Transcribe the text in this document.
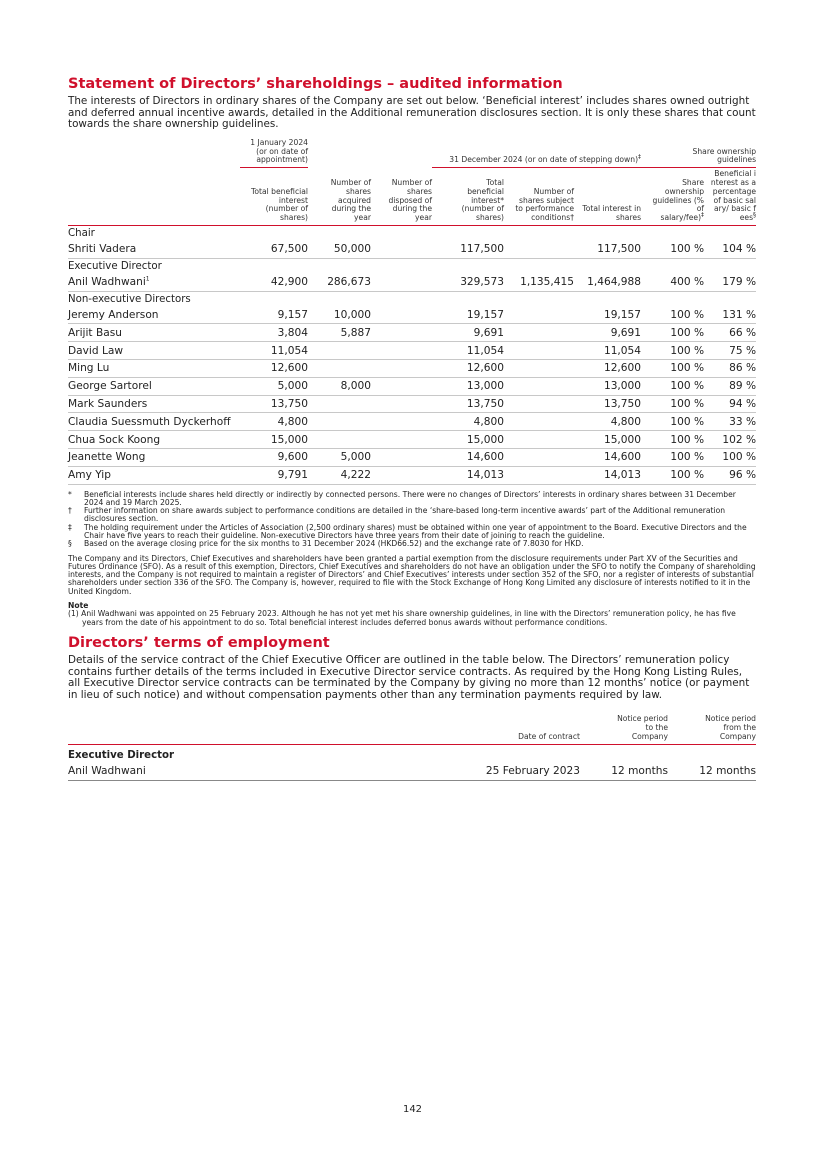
Statement of Directors’ shareholdings – audited information

The interests of Directors in ordinary shares of the Company are set out below. ‘Beneficial interest’ includes shares owned outright and deferred annual incentive awards, detailed in the Additional remuneration disclosures section. It is only these shares that count towards the share ownership guidelines.

	1 January 2024 (or on date of appointment)			31 December 2024 (or on date of stepping down)‡			Share ownership guidelines	

	Total beneficial interest (number of shares)	Number of shares acquired during the year	Number of shares disposed of during the year	Total beneficial interest* (number of shares)	Number of shares subject to performance conditions†	Total interest in shares	Share ownership guidelines (% of salary/fee)‡	Beneficial interest as a percentage of basic salary/ basic fees§

Chair								
Shriti Vadera	67,500	50,000		117,500		117,500	100 %	104 %
Executive Director								
Anil Wadhwani$^1$	42,900	286,673		329,573	1,135,415	1,464,988	400 %	179 %
Non-executive Directors								
Jeremy Anderson	9,157	10,000		19,157		19,157	100 %	131 %
Arijit Basu	3,804	5,887		9,691		9,691	100 %	66 %
David Law	11,054			11,054		11,054	100 %	75 %
Ming Lu	12,600			12,600		12,600	100 %	86 %
George Sartorel	5,000	8,000		13,000		13,000	100 %	89 %
Mark Saunders	13,750			13,750		13,750	100 %	94 %
Claudia Suessmuth Dyckerhoff	4,800			4,800		4,800	100 %	33 %
Chua Sock Koong	15,000			15,000		15,000	100 %	102 %
Jeanette Wong	9,600	5,000		14,600		14,600	100 %	100 %
Amy Yip	9,791	4,222		14,013		14,013	100 %	96 %
*	Beneficial interests include shares held directly or indirectly by connected persons. There were no changes of Directors’ interests in ordinary shares between 31 December 2024 and 19 March 2025.
†	Further information on share awards subject to performance conditions are detailed in the ‘share-based long-term incentive awards’ part of the Additional remuneration disclosures section.
‡	The holding requirement under the Articles of Association (2,500 ordinary shares) must be obtained within one year of appointment to the Board. Executive Directors and the Chair have five years to reach their guideline. Non-executive Directors have three years from their date of joining to reach the guideline.
§	Based on the average closing price for the six months to 31 December 2024 (HKD66.52) and the exchange rate of 7.8030 for HKD.
The Company and its Directors, Chief Executives and shareholders have been granted a partial exemption from the disclosure requirements under Part XV of the Securities and Futures Ordinance (SFO). As a result of this exemption, Directors, Chief Executives and shareholders do not have an obligation under the SFO to notify the Company of shareholding interests, and the Company is not required to maintain a register of Directors’ and Chief Executives’ interests under section 352 of the SFO, nor a register of interests of substantial shareholders under section 336 of the SFO. The Company is, however, required to file with the Stock Exchange of Hong Kong Limited any disclosure of interests notified to it in the United Kingdom.
Note
(1) Anil Wadhwani was appointed on 25 February 2023. Although he has not yet met his share ownership guidelines, in line with the Directors’ remuneration policy, he has five years from the date of his appointment to do so. Total beneficial interest includes deferred bonus awards without performance conditions.
Directors’ terms of employment

Details of the service contract of the Chief Executive Officer are outlined in the table below. The Directors’ remuneration policy contains further details of the terms included in Executive Director service contracts. As required by the Hong Kong Listing Rules, all Executive Director service contracts can be terminated by the Company by giving no more than 12 months’ notice (or payment in lieu of such notice) and without compensation payments other than any termination payments required by law.

	Date of contract	Notice period to the Company	Notice period from the Company

Executive Director			
Anil Wadhwani	25 February 2023	12 months	12 months
142
